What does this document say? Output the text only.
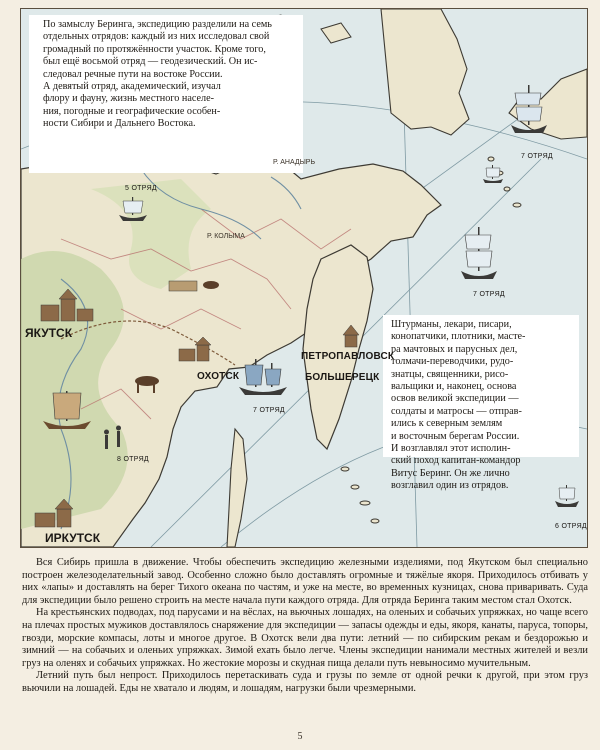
По замыслу Беринга, экспедицию разделили на семь
отдельных отрядов: каждый из них исследовал свой
громадный по протяжённости участок. Кроме того,
был ещё восьмой отряд — геодезический. Он ис-
следовал речные пути на востоке России.
А девятый отряд, академический, изучал
флору и фауну, жизнь местного населе-
ния, погодные и географические особен-
ности Сибири и Дальнего Востока.

Штурманы, лекари, писари,
конопатчики, плотники, масте-
ра мачтовых и парусных дел,
толмачи-переводчики, рудо-
знатцы, священники, рисо-
вальщики и, наконец, основа
освов великой экспедиции —
солдаты и матросы — отправ-
ились к северным землям
и восточным берегам России.
И возглавлял этот исполин-
ский поход капитан-командор
Витус Беринг. Он же лично
возглавил один из отрядов.

ЯКУТСК
ОХОТСК
ИРКУТСК
ПЕТРОПАВЛОВСК
БОЛЬШЕРЕЦК
Р. АНАДЫРЬ
Р. КОЛЫМА
5 ОТРЯД
7 ОТРЯД
7 ОТРЯД
7 ОТРЯД
8 ОТРЯД
6 ОТРЯД

Вся Сибирь пришла в движение. Чтобы обеспечить экспедицию железными изделиями, под Якутском был специально построен железоделательный завод. Особенно сложно было доставлять огромные и тяжёлые якоря. Приходилось отбивать у них «лапы» и доставлять на берег Тихого океана по частям, и уже на месте, во временных кузницах, снова приваривать. Суда для экспедиции было решено строить на месте начала пути каждого отряда. Для отряда Беринга таким местом стал Охотск.

На крестьянских подводах, под парусами и на вёслах, на вьючных лошадях, на оленьих и собачьих упряжках, но чаще всего на плечах простых мужиков доставлялось снаряжение для экспедиции — запасы одежды и еды, якоря, канаты, паруса, топоры, гвозди, морские компасы, лоты и многое другое. В Охотск вели два пути: летний — по сибирским рекам и бездорожью и зимний — на собачьих и оленьих упряжках. Зимой ехать было легче. Члены экспедиции нанимали местных жителей и везли груз на оленях и собачьих упряжках. Но жестокие морозы и скудная пища делали путь невыносимо мучительным.

Летний путь был непрост. Приходилось перетаскивать суда и грузы по земле от одной речки к другой, при этом груз вьючили на лошадей. Еды не хватало и людям, и лошадям, нагрузки были чрезмерными.

5
